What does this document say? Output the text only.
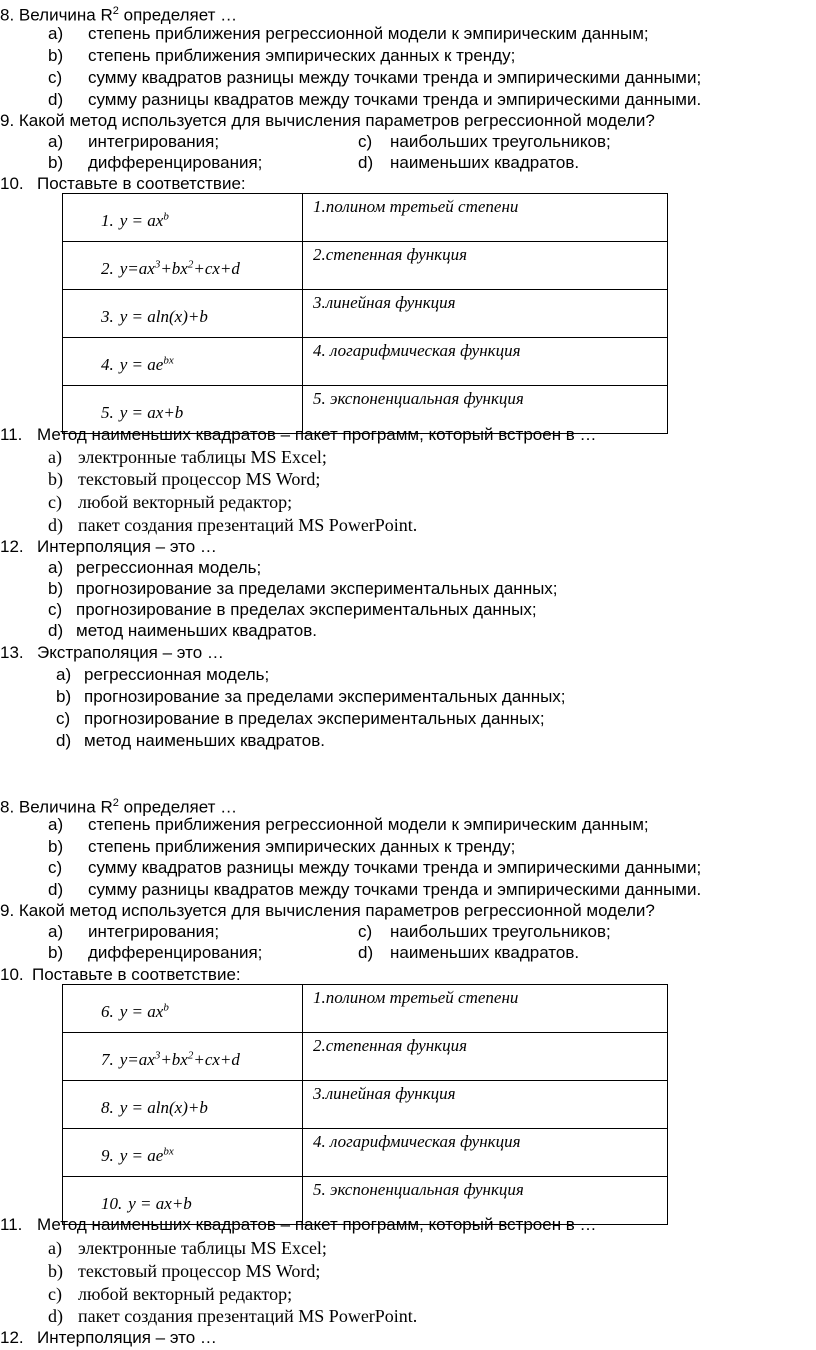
8. Величина $R^2$ определяет …
a) степень приближения регрессионной модели к эмпирическим данным;
b) степень приближения эмпирических данных к тренду;
c) сумму квадратов разницы между точками тренда и эмпирическими данными;
d) сумму разницы квадратов между точками тренда и эмпирическими данными.
9. Какой метод используется для вычисления параметров регрессионной модели?
a) интегрирования;	c) наибольших треугольников;
b) дифференцирования;	d) наименьших квадратов.
10. Поставьте в соответствие:
1. $y = ax^b$	1.полином третьей степени
2. $y=ax^3+bx^2+cx+d$	2.степенная функция
3. y = aln(x)+b	3.линейная функция
4. $y = ae^{bx}$	4. логарифмическая функция
5. y = ax+b	5. экспоненциальная функция
11. Метод наименьших квадратов – пакет программ, который встроен в …
a) электронные таблицы MS Excel;
b) текстовый процессор MS Word;
c) любой векторный редактор;
d) пакет создания презентаций MS PowerPoint.
12. Интерполяция – это …
a) регрессионная модель;
b) прогнозирование за пределами экспериментальных данных;
c) прогнозирование в пределах экспериментальных данных;
d) метод наименьших квадратов.
13. Экстраполяция – это …
a) регрессионная модель;
b) прогнозирование за пределами экспериментальных данных;
c) прогнозирование в пределах экспериментальных данных;
d) метод наименьших квадратов.
8. Величина $R^2$ определяет …
a) степень приближения регрессионной модели к эмпирическим данным;
b) степень приближения эмпирических данных к тренду;
c) сумму квадратов разницы между точками тренда и эмпирическими данными;
d) сумму разницы квадратов между точками тренда и эмпирическими данными.
9. Какой метод используется для вычисления параметров регрессионной модели?
a) интегрирования;	c) наибольших треугольников;
b) дифференцирования;	d) наименьших квадратов.
10. Поставьте в соответствие:
6. $y = ax^b$	1.полином третьей степени
7. $y=ax^3+bx^2+cx+d$	2.степенная функция
8. y = aln(x)+b	3.линейная функция
9. $y = ae^{bx}$	4. логарифмическая функция
10. y = ax+b	5. экспоненциальная функция
11. Метод наименьших квадратов – пакет программ, который встроен в …
a) электронные таблицы MS Excel;
b) текстовый процессор MS Word;
c) любой векторный редактор;
d) пакет создания презентаций MS PowerPoint.
12. Интерполяция – это …
